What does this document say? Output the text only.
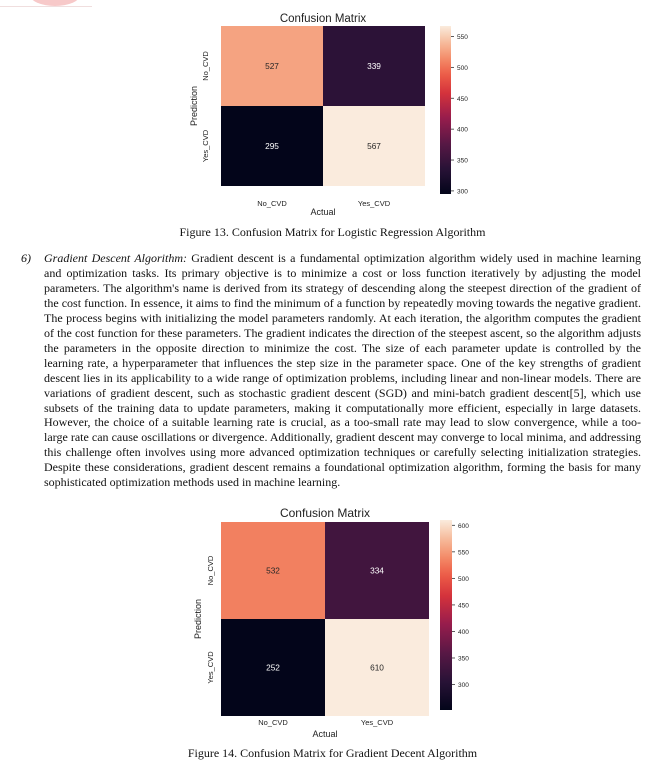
Confusion Matrix
527	339
295	567
No_CVD	Yes_CVD
Actual
No_CVD
Yes_CVD
Prediction
300
350
400
450
500
550
Figure 13. Confusion Matrix for Logistic Regression Algorithm
6) Gradient Descent Algorithm: Gradient descent is a fundamental optimization algorithm widely used in machine learning and optimization tasks. Its primary objective is to minimize a cost or loss function iteratively by adjusting the model parameters. The algorithm's name is derived from its strategy of descending along the steepest direction of the gradient of the cost function. In essence, it aims to find the minimum of a function by repeatedly moving towards the negative gradient. The process begins with initializing the model parameters randomly. At each iteration, the algorithm computes the gradient of the cost function for these parameters. The gradient indicates the direction of the steepest ascent, so the algorithm adjusts the parameters in the opposite direction to minimize the cost. The size of each parameter update is controlled by the learning rate, a hyperparameter that influences the step size in the parameter space. One of the key strengths of gradient descent lies in its applicability to a wide range of optimization problems, including linear and non-linear models. There are variations of gradient descent, such as stochastic gradient descent (SGD) and mini-batch gradient descent[5], which use subsets of the training data to update parameters, making it computationally more efficient, especially in large datasets. However, the choice of a suitable learning rate is crucial, as a too-small rate may lead to slow convergence, while a too-large rate can cause oscillations or divergence. Additionally, gradient descent may converge to local minima, and addressing this challenge often involves using more advanced optimization techniques or carefully selecting initialization strategies. Despite these considerations, gradient descent remains a foundational optimization algorithm, forming the basis for many sophisticated optimization methods used in machine learning.

Confusion Matrix
532	334
252	610
No_CVD	Yes_CVD
Actual
No_CVD
Yes_CVD
Prediction
300
350
400
450
500
550
600
Figure 14. Confusion Matrix for Gradient Decent Algorithm
